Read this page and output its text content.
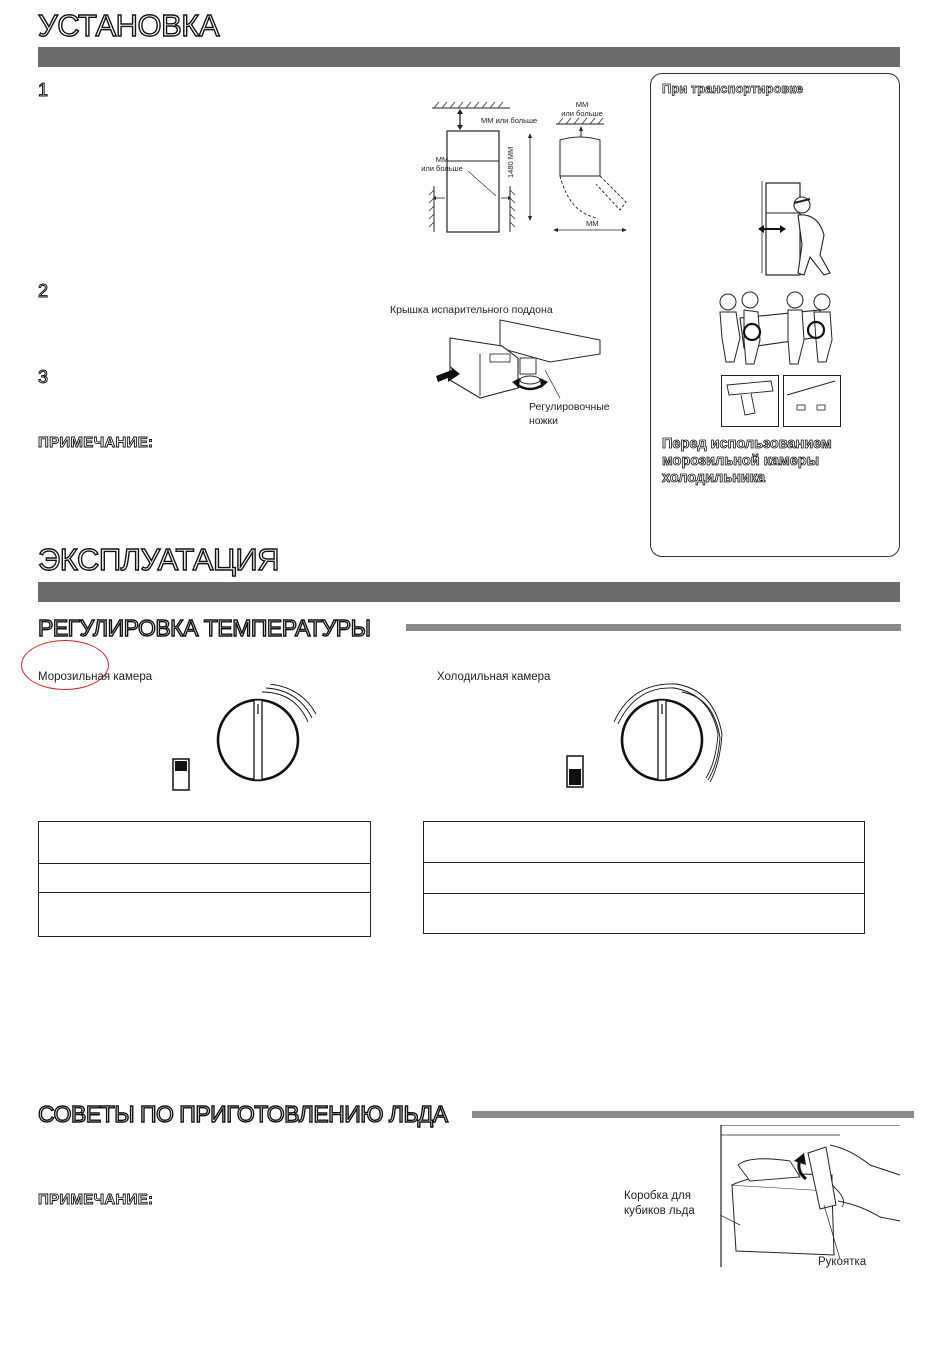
УСТАНОВКА
1
2
3
ПРИМЕЧАНИЕ:
ММ или больше
ММ
или больше
ММ
или больше
1480 ММ
ММ
Крышка испарительного поддона
Регулировочные
ножки
При транспортировке
Перед использованием
морозильной камеры
холодильника
ЭКСПЛУАТАЦИЯ
РЕГУЛИРОВКА ТЕМПЕРАТУРЫ
Морозильная камера	Холодильная камера

СОВЕТЫ ПО ПРИГОТОВЛЕНИЮ ЛЬДА
ПРИМЕЧАНИЕ:	Коробка для
кубиков льда
Рукоятка
